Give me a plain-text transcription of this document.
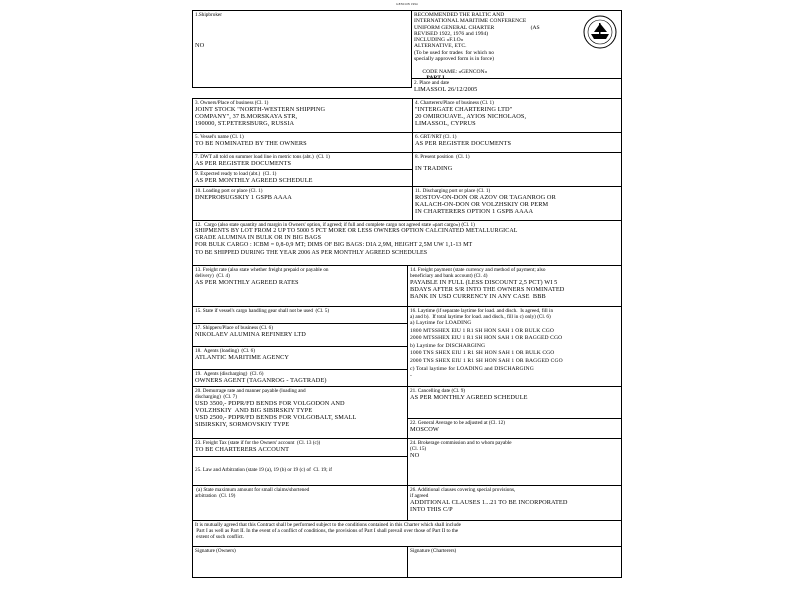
GENCON 1994
1.Shipbroker
NO
RECOMMENDED THE BALTIC AND
INTERNATIONAL MARITIME CONFERENCE
UNIFORM GENERAL CHARTER                          (AS
REVISED 1922, 1976 and 1994)
INCLUDING «F.I.O»
ALTERNATIVE, ETC.
(To be used for trades  for which no
specially approved form is in force)

CODE NAME: «GENCON»
PART I

2. Place and date
LIMASSOL 26/12/2005
3. Owners/Place of business (Cl. 1)
JOINT STOCK "NORTH-WESTERN SHIPPING
COMPANY", 37 B.MORSKAYA STR,
190000, ST.PETERSBURG, RUSSIA
4. Charterers/Place of business (Cl. 1)
"INTERGATE CHARTERING LTD"
20 OMIROUAVE., AYIOS NICHOLAOS,
LIMASSOL, CYPRUS
5. Vessel's name (Cl. 1)
TO BE NOMINATED BY THE OWNERS
6. GRT/NRT (Cl. 1)
AS PER REGISTER DOCUMENTS
7. DWT all told on summer load line in metric tons (abt.)  (Cl. 1)
AS PER REGISTER DOCUMENTS
8. Present position  (Cl. 1)
IN TRADING
9. Expected ready to load (abt.)  (Cl. 1)
AS PER MONTHLY AGREED SCHEDULE
10. Loading port or place (Cl. 1)
DNEPROBUGSKIY 1 GSPB AAAA
11. Discharging port or place (Cl. 1)
ROSTOV-ON-DON OR AZOV OR TAGANROG OR
KALACH-ON-DON OR VOLZHSKIY OR PERM
IN CHARTERERS OPTION 1 GSPB AAAA
12.  Cargo (also state quantity and margin in Owners' option, if agreed; if full and complete cargo not agreed state «part cargo») (Cl. 1)
SHIPMENTS BY LOT FROM 2 UP TO 5000 5 PCT MORE OR LESS OWNERS OPTION CALCINATED METALLURGICAL
GRADE ALUMINA IN BULK OR IN BIG BAGS
FOR BULK CARGO : ICBM = 0,8-0,9 MT; DIMS OF BIG BAGS: DIA 2,9M, HEIGHT 2,5M UW 1,1-13 MT
TO BE SHIPPED DURING THE YEAR 2006 AS PER MONTHLY AGREED SCHEDULES
13. Freight rate (also state whether freight prepaid or payable on
delivery)  (Cl. 4)
AS PER MONTHLY AGREED RATES
14. Freight payment (state currency and method of payment; also
beneficiary and bank account) (Cl. 4)
PAYABLE IN FULL (LESS DISCOUNT 2,5 PCT) WI 5
BDAYS AFTER S/R INTO THE OWNERS NOMINATED
BANK IN USD CURRENCY IN ANY CASE  BBB
15. State if vessel's cargo handling gear shall not be used  (Cl. 5)	16. Laytime (if separate laytime for load. and disch.  Is agreed, fill in
a) and b).  If total laytime for load. and disch., fill in c) only) (Cl. 6)
a) Laytime for LOADING
1800 MTSSHEX EIU 1 R1 SH HON SAH 1 OR BULK CGO
2000 MTSSHEX EIU 1 R1 SH HON SAH 1 OR BAGGED CGO
b) Laytime for DISCHARGING
1000 TNS SHEX EIU 1 R1 SH HON SAH 1 OR BULK CGO
2000 TNS SHEX EIU 1 R1 SH HON SAH 1 OR BAGGED CGO
c) Total laytime for LOADING and DISCHARGING
-
17. Shippers/Place of business (Cl. 6)
NIKOLAEV ALUMINA REFINERY LTD
18.  Agents (loading)  (Cl. 6)
ATLANTIC MARITIME AGENCY
19.  Agents (discharging)  (Cl. 6)
OWNERS AGENT (TAGANROG - TAGTRADE)
20. Demurrage rate and manner payable (loading and
discharging)  (Cl. 7)
USD 3500,- PDPR/FD BENDS FOR VOLGODON AND
VOLZHSKIY  AND BIG SIBIRSKIY TYPE
USD 2500,- PDPR/FD BENDS FOR VOLGOBALT, SMALL
SIBIRSKIY, SORMOVSKIY TYPE
21. Cancelling date (Cl. 9)
AS PER MONTHLY AGREED SCHEDULE
22. General Average to be adjusted at (Cl. 12)
MOSCOW
23. Freight Tax (state if for the Owners' account  (Cl. 13 (c))
TO BE CHARTERERS ACCOUNT
24. Brokerage commission and to whom payable
(Cl. 15)
NO
25. Law and Arbitration (state 19 (a), 19 (b) or 19 (c) of  Cl. 19; if

(a) State maximum amount for small claims/shortened
arbitration  (Cl. 19)
26. Additional clauses covering special provisions,
if agreed
ADDITIONAL CLAUSES 1...21 TO BE INCORPORATED
INTO THIS C/P
It is mutually agreed that this Contract shall be performed subject to the conditions contained in this Charter which shall include
Part I as well as Part II. In the event of a conflict of conditions, the provisions of Part I shall prevail over those of Part II to the
extent of such conflict.
Signature (Owners)	Signature (Charterers)
